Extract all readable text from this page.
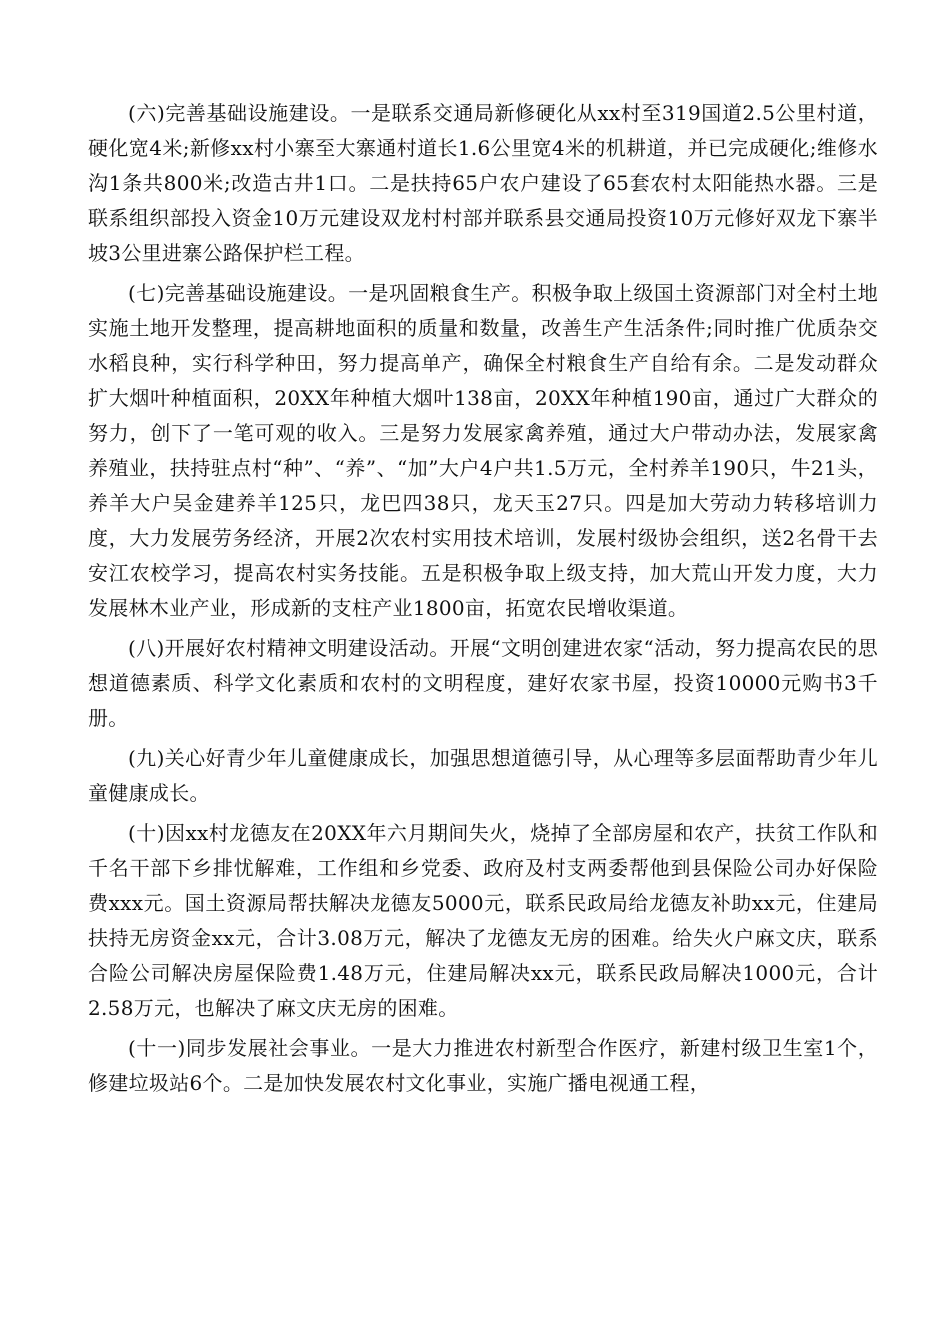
(六)完善基础设施建设。一是联系交通局新修硬化从xx村至319国道2.5公里村道，硬化宽4米;新修xx村小寨至大寨通村道长1.6公里宽4米的机耕道，并已完成硬化;维修水沟1条共800米;改造古井1口。二是扶持65户农户建设了65套农村太阳能热水器。三是联系组织部投入资金10万元建设双龙村村部并联系县交通局投资10万元修好双龙下寨半坡3公里进寨公路保护栏工程。

(七)完善基础设施建设。一是巩固粮食生产。积极争取上级国土资源部门对全村土地实施土地开发整理，提高耕地面积的质量和数量，改善生产生活条件;同时推广优质杂交水稻良种，实行科学种田，努力提高单产，确保全村粮食生产自给有余。二是发动群众扩大烟叶种植面积，20XX年种植大烟叶138亩，20XX年种植190亩，通过广大群众的努力，创下了一笔可观的收入。三是努力发展家禽养殖，通过大户带动办法，发展家禽养殖业，扶持驻点村“种”、“养”、“加”大户4户共1.5万元，全村养羊190只，牛21头，养羊大户吴金建养羊125只，龙巴四38只，龙天玉27只。四是加大劳动力转移培训力度，大力发展劳务经济，开展2次农村实用技术培训，发展村级协会组织，送2名骨干去安江农校学习，提高农村实务技能。五是积极争取上级支持，加大荒山开发力度，大力发展林木业产业，形成新的支柱产业1800亩，拓宽农民增收渠道。

(八)开展好农村精神文明建设活动。开展“文明创建进农家“活动，努力提高农民的思想道德素质、科学文化素质和农村的文明程度，建好农家书屋，投资10000元购书3千册。

(九)关心好青少年儿童健康成长，加强思想道德引导，从心理等多层面帮助青少年儿童健康成长。

(十)因xx村龙德友在20XX年六月期间失火，烧掉了全部房屋和农产，扶贫工作队和千名干部下乡排忧解难，工作组和乡党委、政府及村支两委帮他到县保险公司办好保险费xxx元。国土资源局帮扶解决龙德友5000元，联系民政局给龙德友补助xx元，住建局扶持无房资金xx元，合计3.08万元，解决了龙德友无房的困难。给失火户麻文庆，联系合险公司解决房屋保险费1.48万元，住建局解决xx元，联系民政局解决1000元，合计2.58万元，也解决了麻文庆无房的困难。

(十一)同步发展社会事业。一是大力推进农村新型合作医疗，新建村级卫生室1个，修建垃圾站6个。二是加快发展农村文化事业，实施广播电视通工程，
